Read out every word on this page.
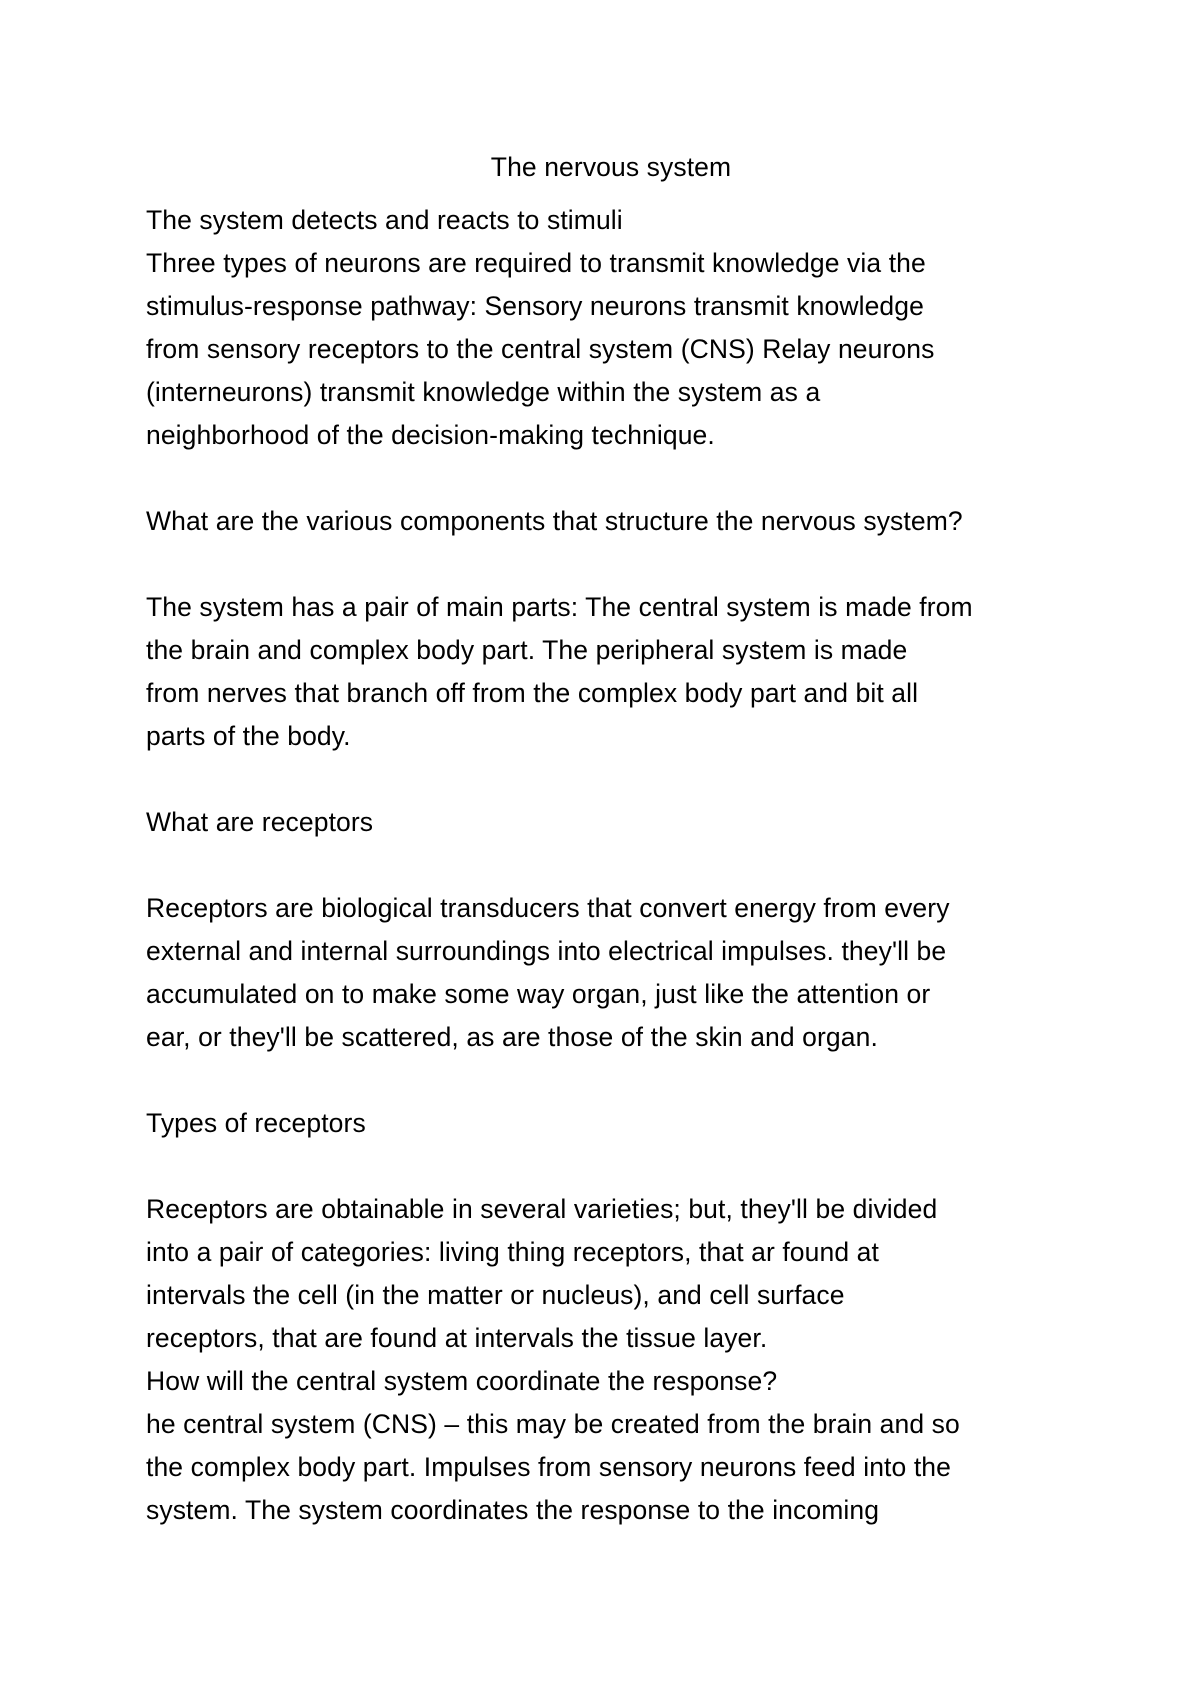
The nervous system
The system detects and reacts to stimuli
Three types of neurons are required to transmit knowledge via the
stimulus-response pathway: Sensory neurons transmit knowledge
from sensory receptors to the central system (CNS) Relay neurons
(interneurons) transmit knowledge within the system as a
neighborhood of the decision-making technique.
What are the various components that structure the nervous system?
The system has a pair of main parts: The central system is made from
the brain and complex body part. The peripheral system is made
from nerves that branch off from the complex body part and bit all
parts of the body.
What are receptors
Receptors are biological transducers that convert energy from every
external and internal surroundings into electrical impulses. they'll be
accumulated on to make some way organ, just like the attention or
ear, or they'll be scattered, as are those of the skin and organ.
Types of receptors
Receptors are obtainable in several varieties; but, they'll be divided
into a pair of categories: living thing receptors, that ar found at
intervals the cell (in the matter or nucleus), and cell surface
receptors, that are found at intervals the tissue layer.
How will the central system coordinate the response?
he central system (CNS) – this may be created from the brain and so
the complex body part. Impulses from sensory neurons feed into the
system. The system coordinates the response to the incoming
